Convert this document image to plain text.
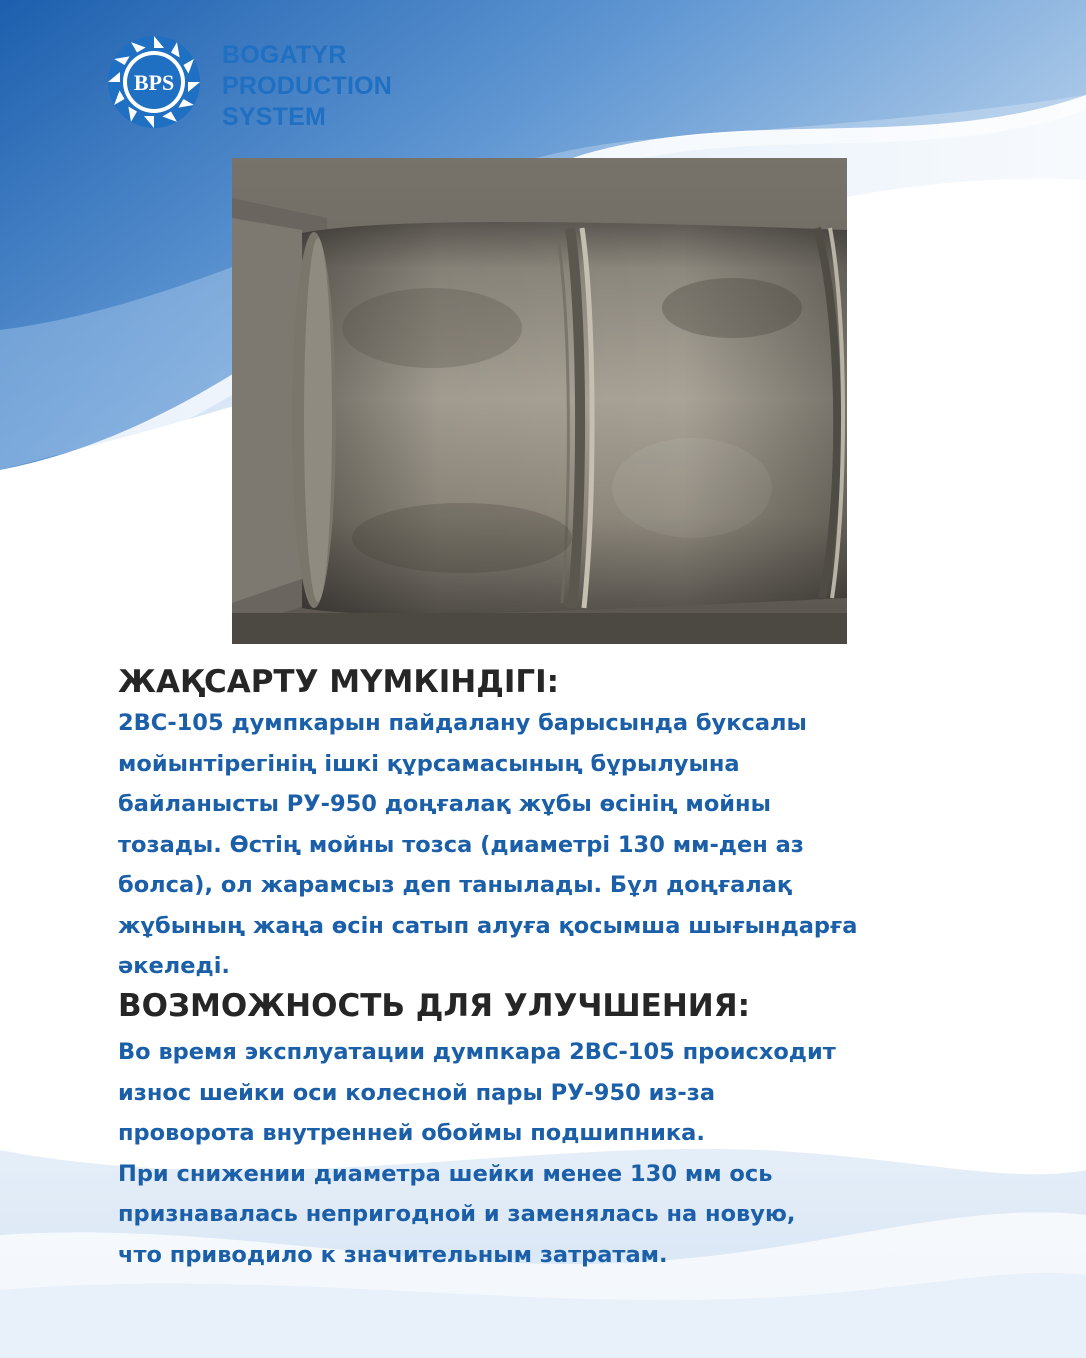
BPS
BOGATYR
PRODUCTION
SYSTEM
ЖАҚСАРТУ МҮМКІНДІГІ:

2ВС-105 думпкарын пайдалану барысында буксалы
мойынтірегінің ішкі құрсамасының бұрылуына
байланысты РУ-950 доңғалақ жұбы өсінің мойны
тозады. Өстің мойны тозса (диаметрі 130 мм-ден аз
болса), ол жарамсыз деп танылады. Бұл доңғалақ
жұбының жаңа өсін сатып алуға қосымша шығындарға
әкеледі.

ВОЗМОЖНОСТЬ ДЛЯ УЛУЧШЕНИЯ:

Во время эксплуатации думпкара 2ВС-105 происходит
износ шейки оси колесной пары РУ-950 из-за
проворота внутренней обоймы подшипника.
При снижении диаметра шейки менее 130 мм ось
признавалась непригодной и заменялась на новую,
что приводило к значительным затратам.
